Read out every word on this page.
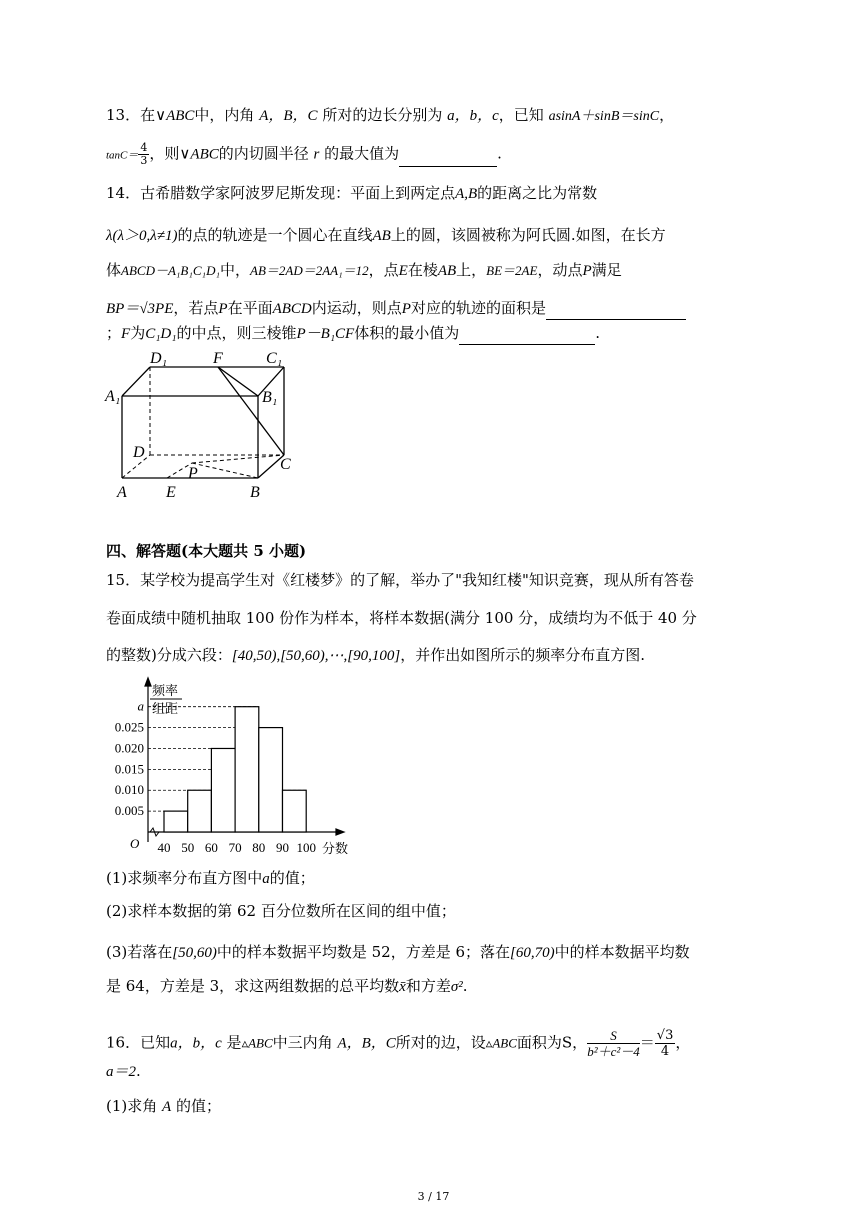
13．在∨ABC中，内角 A，B，C 所对的边长分别为 a，b，c，已知 asinA＋sinB＝sinC，
$\tan C= \frac{4}{3}$ ，则∨ABC的内切圆半径 r 的最大值为	.
14．古希腊数学家阿波罗尼斯发现：平面上到两定点A,B的距离之比为常数
λ(λ＞0,λ≠1)的点的轨迹是一个圆心在直线AB上的圆，该圆被称为阿氏圆.如图，在长方
体ABCD－A₁B₁C₁D₁中，AB＝2AD＝2AA₁＝12，点E在棱AB上，BE＝2AE，动点P满足
BP＝√3PE，若点P在平面ABCD内运动，则点P对应的轨迹的面积是
；F为C₁D₁的中点，则三棱锥P－B₁CF体积的最小值为	.
D₁	F	C₁
A₁	B₁
D
C
P
A E	B
四、解答题(本大题共 5 小题)
15．某学校为提高学生对《红楼梦》的了解，举办了"我知红楼"知识竞赛，现从所有答卷
卷面成绩中随机抽取 100 份作为样本，将样本数据(满分 100 分，成绩均为不低于 40 分
的整数)分成六段：[40,50),[50,60),⋯,[90,100]，并作出如图所示的频率分布直方图.
频率
组距
O	分数
0.005
0.010
0.015
0.020
0.025
a
40 50 60 70 80 90 100
(1)求频率分布直方图中a的值；
(2)求样本数据的第 62 百分位数所在区间的组中值；
(3)若落在[50,60)中的样本数据平均数是 52，方差是 6；落在[60,70)中的样本数据平均数
是 64，方差是 3，求这两组数据的总平均数x̄和方差σ².
16．已知a，b，c 是▵ABC中三内角 A，B，C所对的边，设▵ABC面积为S， $\frac{S}{\text{b²＋c²－4}} = \frac{√3}{4}$ ，
a＝2.
(1)求角 A 的值；
3 / 17
